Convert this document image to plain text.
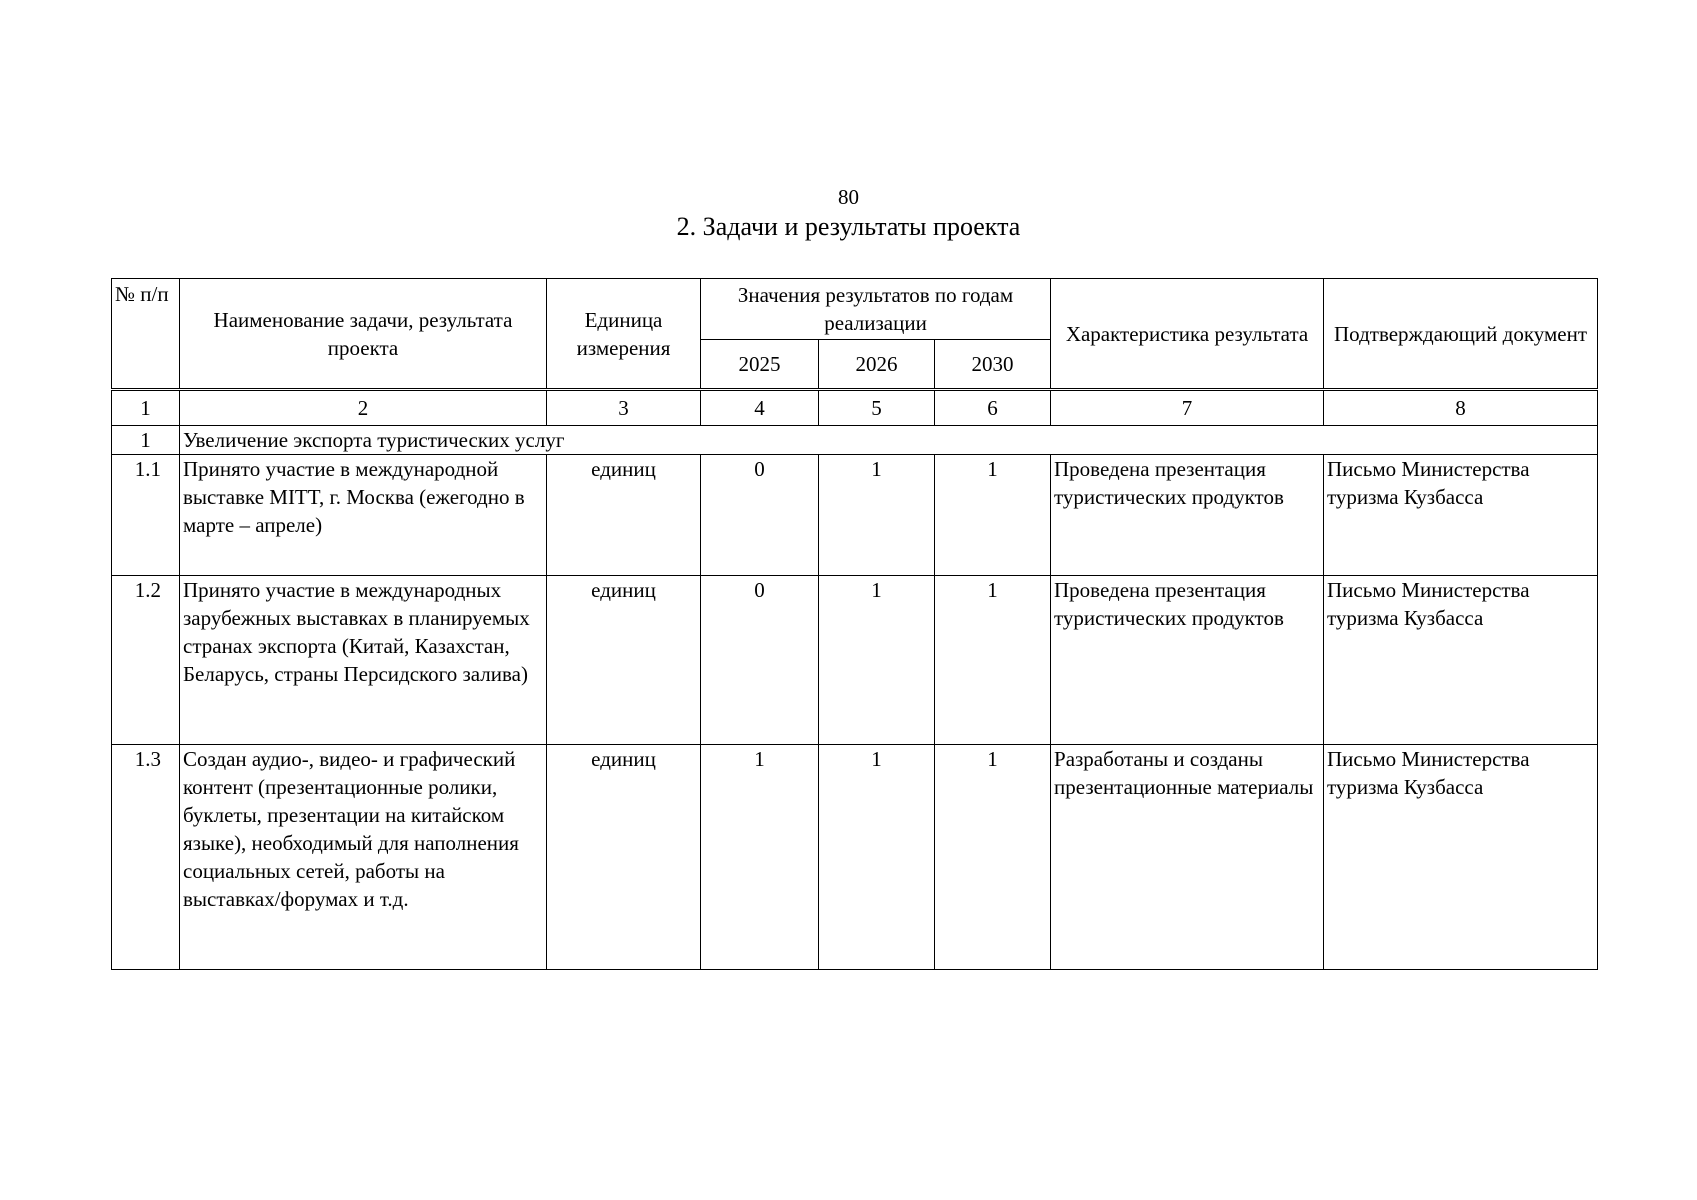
80
2. Задачи и результаты проекта
№ п/п	Наименование задачи, результата проекта	Единица измерения	Значения результатов по годам реализации			Характеристика результата	Подтверждающий документ
			2025	2026	2030		
1	2	3	4	5	6	7	8
1	Увеличение экспорта туристических услуг						
1.1	Принято участие в международной выставке MITT, г. Москва (ежегодно в марте – апреле)	единиц	0	1	1	Проведена презентация туристических продуктов	Письмо Министерства туризма Кузбасса
1.2	Принято участие в международных зарубежных выставках в планируемых странах экспорта (Китай, Казахстан, Беларусь, страны Персидского залива)	единиц	0	1	1	Проведена презентация туристических продуктов	Письмо Министерства туризма Кузбасса
1.3	Создан аудио-, видео- и графический контент (презентационные ролики, буклеты, презентации на китайском языке), необходимый для наполнения социальных сетей, работы на выставках/форумах и т.д.	единиц	1	1	1	Разработаны и созданы презентационные материалы	Письмо Министерства туризма Кузбасса
